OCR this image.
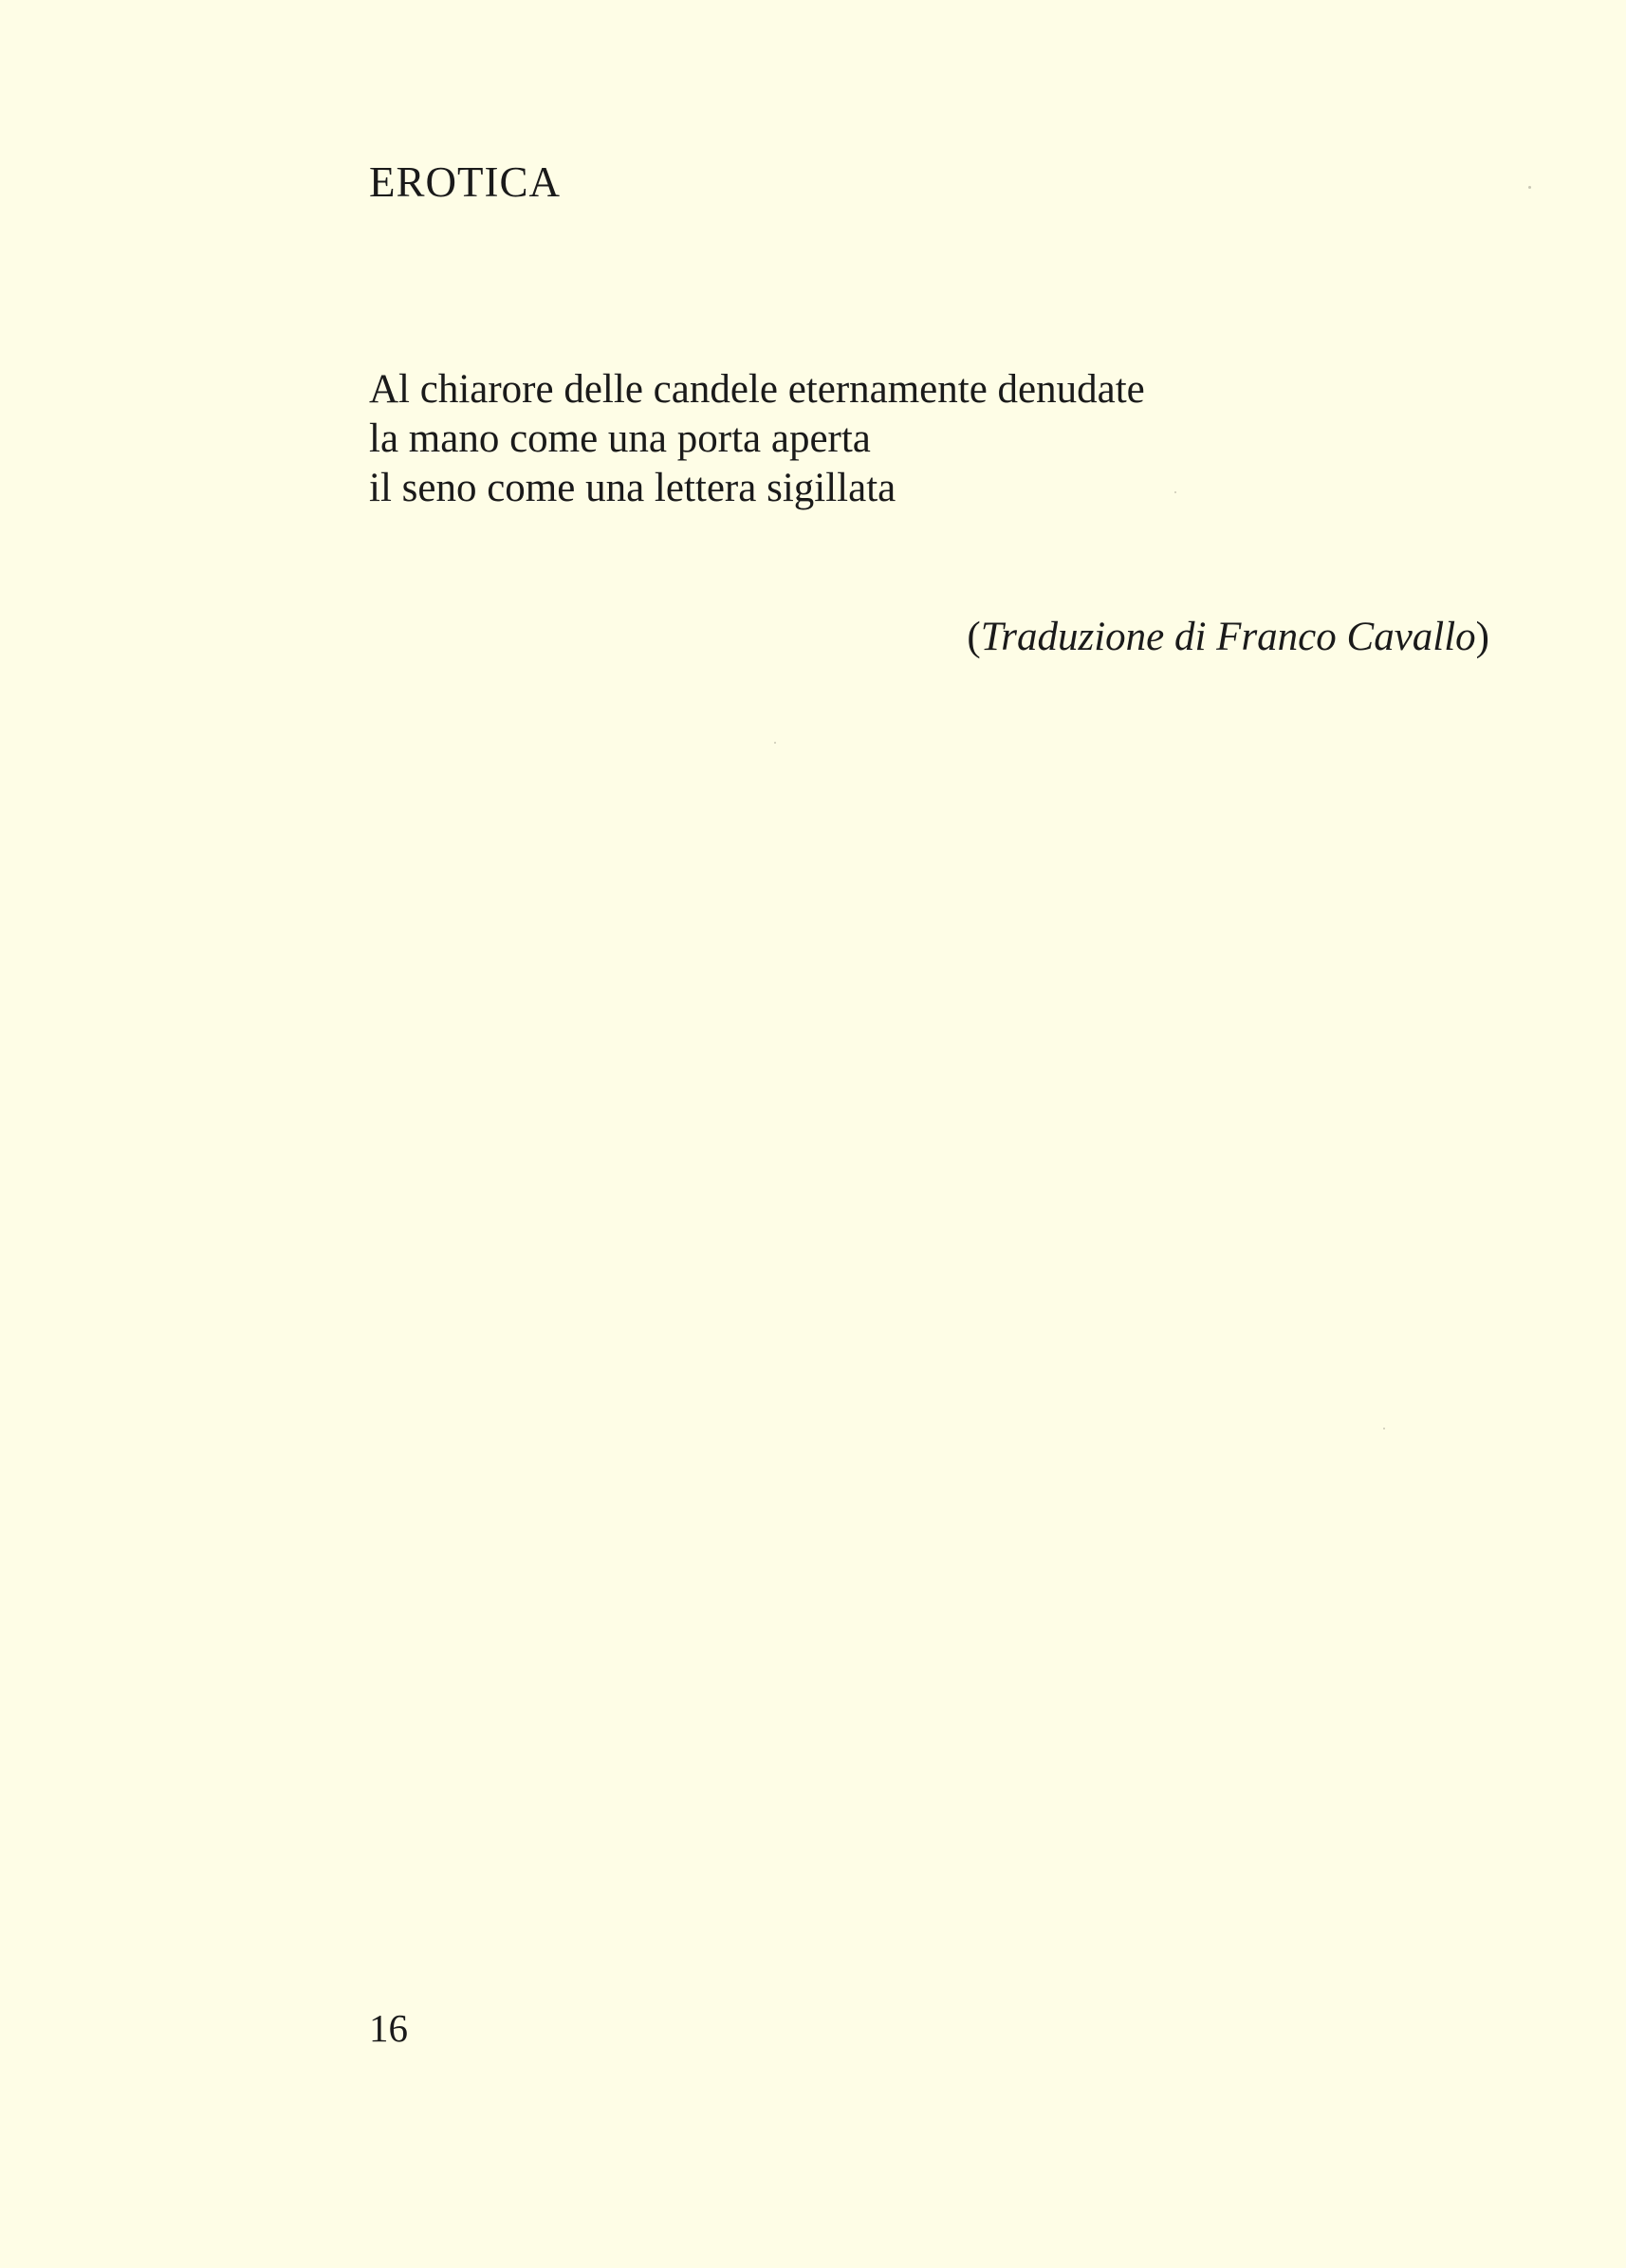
EROTICA
Al chiarore delle candele eternamente denudate
la mano come una porta aperta
il seno come una lettera sigillata
(Traduzione di Franco Cavallo)
16
